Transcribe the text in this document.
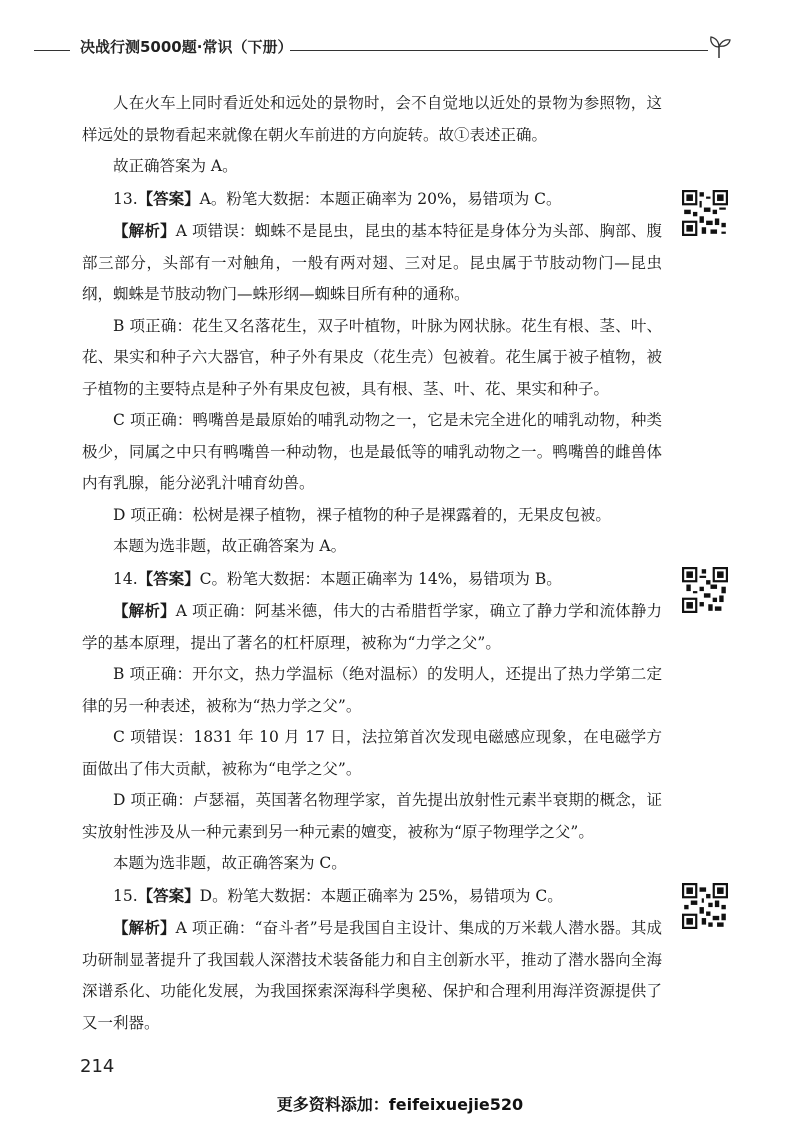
决战行测5000题·常识（下册）

人在火车上同时看近处和远处的景物时，会不自觉地以近处的景物为参照物，这样远处的景物看起来就像在朝火车前进的方向旋转。故①表述正确。

故正确答案为 A。

13.【答案】A。粉笔大数据：本题正确率为 20%，易错项为 C。

【解析】A 项错误：蜘蛛不是昆虫，昆虫的基本特征是身体分为头部、胸部、腹部三部分，头部有一对触角，一般有两对翅、三对足。昆虫属于节肢动物门—昆虫纲，蜘蛛是节肢动物门—蛛形纲—蜘蛛目所有种的通称。

B 项正确：花生又名落花生，双子叶植物，叶脉为网状脉。花生有根、茎、叶、花、果实和种子六大器官，种子外有果皮（花生壳）包被着。花生属于被子植物，被子植物的主要特点是种子外有果皮包被，具有根、茎、叶、花、果实和种子。

C 项正确：鸭嘴兽是最原始的哺乳动物之一，它是未完全进化的哺乳动物，种类极少，同属之中只有鸭嘴兽一种动物，也是最低等的哺乳动物之一。鸭嘴兽的雌兽体内有乳腺，能分泌乳汁哺育幼兽。

D 项正确：松树是裸子植物，裸子植物的种子是裸露着的，无果皮包被。

本题为选非题，故正确答案为 A。

14.【答案】C。粉笔大数据：本题正确率为 14%，易错项为 B。

【解析】A 项正确：阿基米德，伟大的古希腊哲学家，确立了静力学和流体静力学的基本原理，提出了著名的杠杆原理，被称为“力学之父”。

B 项正确：开尔文，热力学温标（绝对温标）的发明人，还提出了热力学第二定律的另一种表述，被称为“热力学之父”。

C 项错误：1831 年 10 月 17 日，法拉第首次发现电磁感应现象，在电磁学方面做出了伟大贡献，被称为“电学之父”。

D 项正确：卢瑟福，英国著名物理学家，首先提出放射性元素半衰期的概念，证实放射性涉及从一种元素到另一种元素的嬗变，被称为“原子物理学之父”。

本题为选非题，故正确答案为 C。

15.【答案】D。粉笔大数据：本题正确率为 25%，易错项为 C。

【解析】A 项正确：“奋斗者”号是我国自主设计、集成的万米载人潜水器。其成功研制显著提升了我国载人深潜技术装备能力和自主创新水平，推动了潜水器向全海深谱系化、功能化发展，为我国探索深海科学奥秘、保护和合理利用海洋资源提供了又一利器。

214
更多资料添加：feifeixuejie520
